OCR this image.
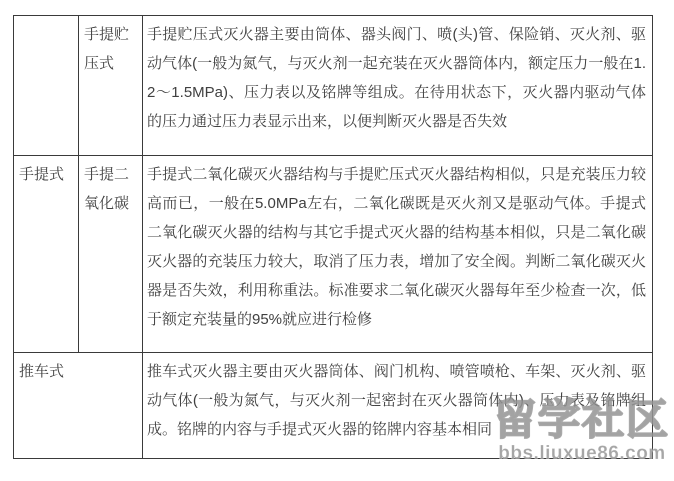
	手提贮压式	手提贮压式灭火器主要由筒体、器头阀门、喷(头)管、保险销、灭火剂、驱动气体(一般为氮气，与灭火剂一起充装在灭火器筒体内，额定压力一般在1.2～1.5MPa)、压力表以及铭牌等组成。在待用状态下，灭火器内驱动气体的压力通过压力表显示出来，以便判断灭火器是否失效
手提式	手提二氧化碳	手提式二氧化碳灭火器结构与手提贮压式灭火器结构相似，只是充装压力较高而已，一般在5.0MPa左右，二氧化碳既是灭火剂又是驱动气体。手提式二氧化碳灭火器的结构与其它手提式灭火器的结构基本相似，只是二氧化碳灭火器的充装压力较大，取消了压力表，增加了安全阀。判断二氧化碳灭火器是否失效，利用称重法。标准要求二氧化碳灭火器每年至少检查一次，低于额定充装量的95%就应进行检修
推车式		推车式灭火器主要由灭火器筒体、阀门机构、喷管喷枪、车架、灭火剂、驱动气体(一般为氮气，与灭火剂一起密封在灭火器筒体内)、压力表及铭牌组成。铭牌的内容与手提式灭火器的铭牌内容基本相同 留学社区
bbs.liuxue86.com
